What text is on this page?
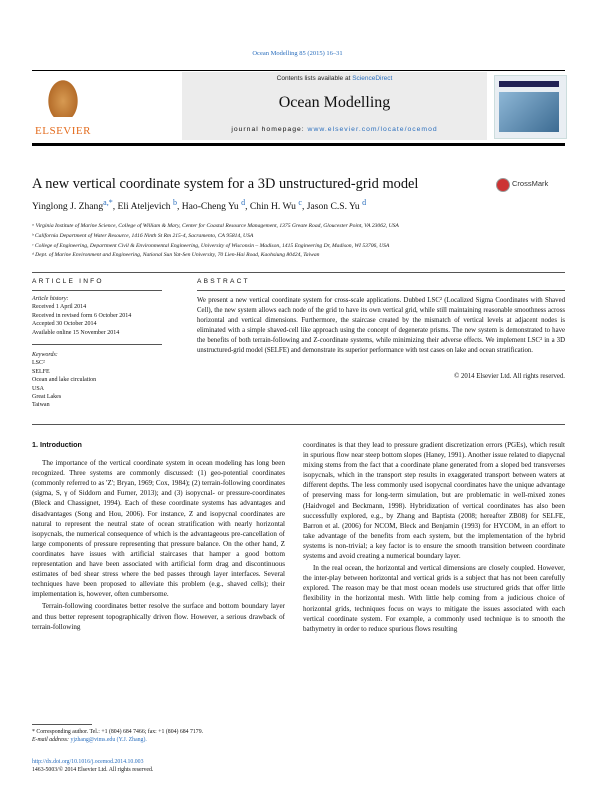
Ocean Modelling 85 (2015) 16–31
ELSEVIER
Contents lists available at ScienceDirect
Ocean Modelling
journal homepage: www.elsevier.com/locate/ocemod
A new vertical coordinate system for a 3D unstructured-grid model	CrossMark
Yinglong J. Zhang$^{a,*}$, Eli Ateljevich $^b$, Hao-Cheng Yu $^d$, Chin H. Wu $^c$, Jason C.S. Yu $^d$
ᵃ Virginia Institute of Marine Science, College of William & Mary, Center for Coastal Resource Management, 1375 Greate Road, Gloucester Point, VA 23062, USA
ᵇ California Department of Water Resource, 1416 Ninth St Rm 215-4, Sacramento, CA 95814, USA
ᶜ College of Engineering, Department Civil & Environmental Engineering, University of Wisconsin – Madison, 1415 Engineering Dr, Madison, WI 53706, USA
ᵈ Dept. of Marine Environment and Engineering, National Sun Yat-Sen University, 70 Lien-Hai Road, Kaohsiung 80424, Taiwan
ARTICLE INFO	ABSTRACT
Article history:
Received 1 April 2014
Received in revised form 6 October 2014
Accepted 30 October 2014
Available online 15 November 2014
Keywords:
LSC²
SELFE
Ocean and lake circulation
USA
Great Lakes
Taiwan
We present a new vertical coordinate system for cross-scale applications. Dubbed LSC² (Localized Sigma Coordinates with Shaved Cell), the new system allows each node of the grid to have its own vertical grid, while still maintaining reasonable smoothness across horizontal and vertical dimensions. Furthermore, the staircase created by the mismatch of vertical levels at adjacent nodes is eliminated with a simple shaved-cell like approach using the concept of degenerate prisms. The new system is demonstrated to have the benefits of both terrain-following and Z-coordinate systems, while minimizing their adverse effects. We implement LSC² in a 3D unstructured-grid model (SELFE) and demonstrate its superior performance with test cases on lake and ocean stratification.
© 2014 Elsevier Ltd. All rights reserved.
1. Introduction

The importance of the vertical coordinate system in ocean modeling has long been recognized. Three systems are commonly discussed: (1) geo-potential coordinates (commonly referred to as 'Z'; Bryan, 1969; Cox, 1984); (2) terrain-following coordinates (sigma, S, γ of Siddorn and Furner, 2013); and (3) isopycnal- or pressure-coordinates (Bleck and Chassignet, 1994). Each of these coordinate systems has advantages and disadvantages (Song and Hou, 2006). For instance, Z and isopycnal coordinates are natural to represent the neutral state of ocean stratification with nearly horizontal isopycnals, the numerical consequence of which is the advantageous pre-cancellation of large components of pressure representing that pressure balance. On the other hand, Z coordinates have issues with artificial staircases that hamper a good bottom representation and have been associated with artificial form drag and discontinuous estimates of bed shear stress where the bed passes through layer interfaces. Several techniques have been proposed to alleviate this problem (e.g., shaved cells); their implementation is, however, often cumbersome.

Terrain-following coordinates better resolve the surface and bottom boundary layer and thus better represent topographically driven flow. However, a serious drawback of terrain-following

coordinates is that they lead to pressure gradient discretization errors (PGEs), which result in spurious flow near steep bottom slopes (Haney, 1991). Another issue related to diapycnal mixing stems from the fact that a coordinate plane generated from a sloped bed transverses isopycnals, which in the transport step results in exaggerated transport between waters at different depths. The less commonly used isopycnal coordinates have the unique advantage of preserving mass for long-term simulation, but are problematic in well-mixed zones (Haidvogel and Beckmann, 1998). Hybridization of vertical coordinates has also been successfully explored, e.g., by Zhang and Baptista (2008; hereafter ZB08) for SELFE, Barron et al. (2006) for NCOM, Bleck and Benjamin (1993) for HYCOM, in an effort to take advantage of the benefits from each system, but the implementation of the hybrid systems is non-trivial; a key factor is to ensure the smooth transition between coordinate systems and avoid creating a numerical boundary layer.

In the real ocean, the horizontal and vertical dimensions are closely coupled. However, the inter-play between horizontal and vertical grids is a subject that has not been carefully explored. The reason may be that most ocean models use structured grids that offer little flexibility in the horizontal mesh. With little help coming from a judicious choice of horizontal grids, techniques focus on ways to mitigate the issues associated with each vertical coordinate system. For example, a commonly used technique is to smooth the bathymetry in order to reduce spurious flows resulting

* Corresponding author. Tel.: +1 (804) 684 7466; fax: +1 (804) 684 7179.
E-mail address: yjzhang@vims.edu (Y.J. Zhang).
http://dx.doi.org/10.1016/j.ocemod.2014.10.003
1463-5003/© 2014 Elsevier Ltd. All rights reserved.
